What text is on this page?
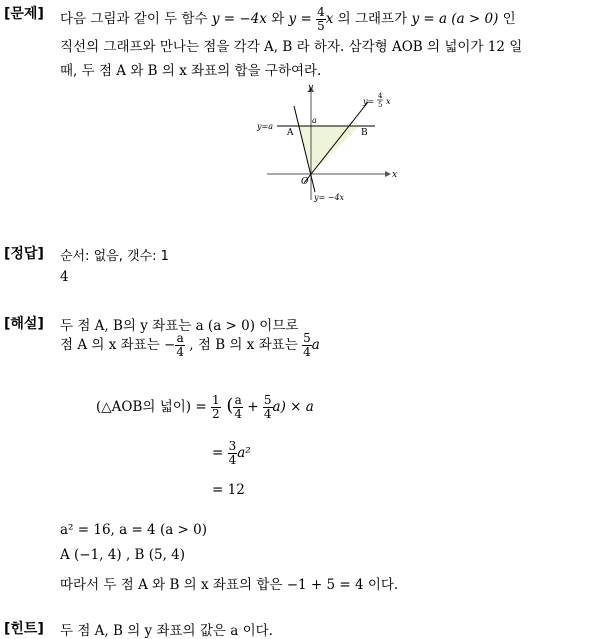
[문제] 다음 그림과 같이 두 함수 y = −4x 와 $y = \frac{4}{5}$ x 의 그래프가 y = a (a > 0) 인
직선의 그래프와 만나는 점을 각각 A, B 라 하자. 삼각형 AOB 의 넓이가 12 일
때, 두 점 A 와 B 의 x 좌표의 합을 구하여라.
y
x
y=
4
5 x
y=a
a
A	B
O
y= −4x
[정답] 순서: 없음, 갯수: 1
4
[해설] 두 점 A, B의 y 좌표는 a (a > 0) 이므로
점 A 의 x 좌표는 − $\frac{a}{4}$ , 점 B 의 x 좌표는 $\frac{5}{4}$ a
(△AOB의 넓이) = $\frac{1}{2}$ ( $\frac{a}{4} + \frac{5}{4} a) \times a$
= $\frac{3}{4} a^2$
= 12
a² = 16, a = 4 (a > 0)
A (−1, 4) , B (5, 4)
따라서 두 점 A 와 B 의 x 좌표의 합은 −1 + 5 = 4 이다.
[힌트] 두 점 A, B 의 y 좌표의 값은 a 이다.
